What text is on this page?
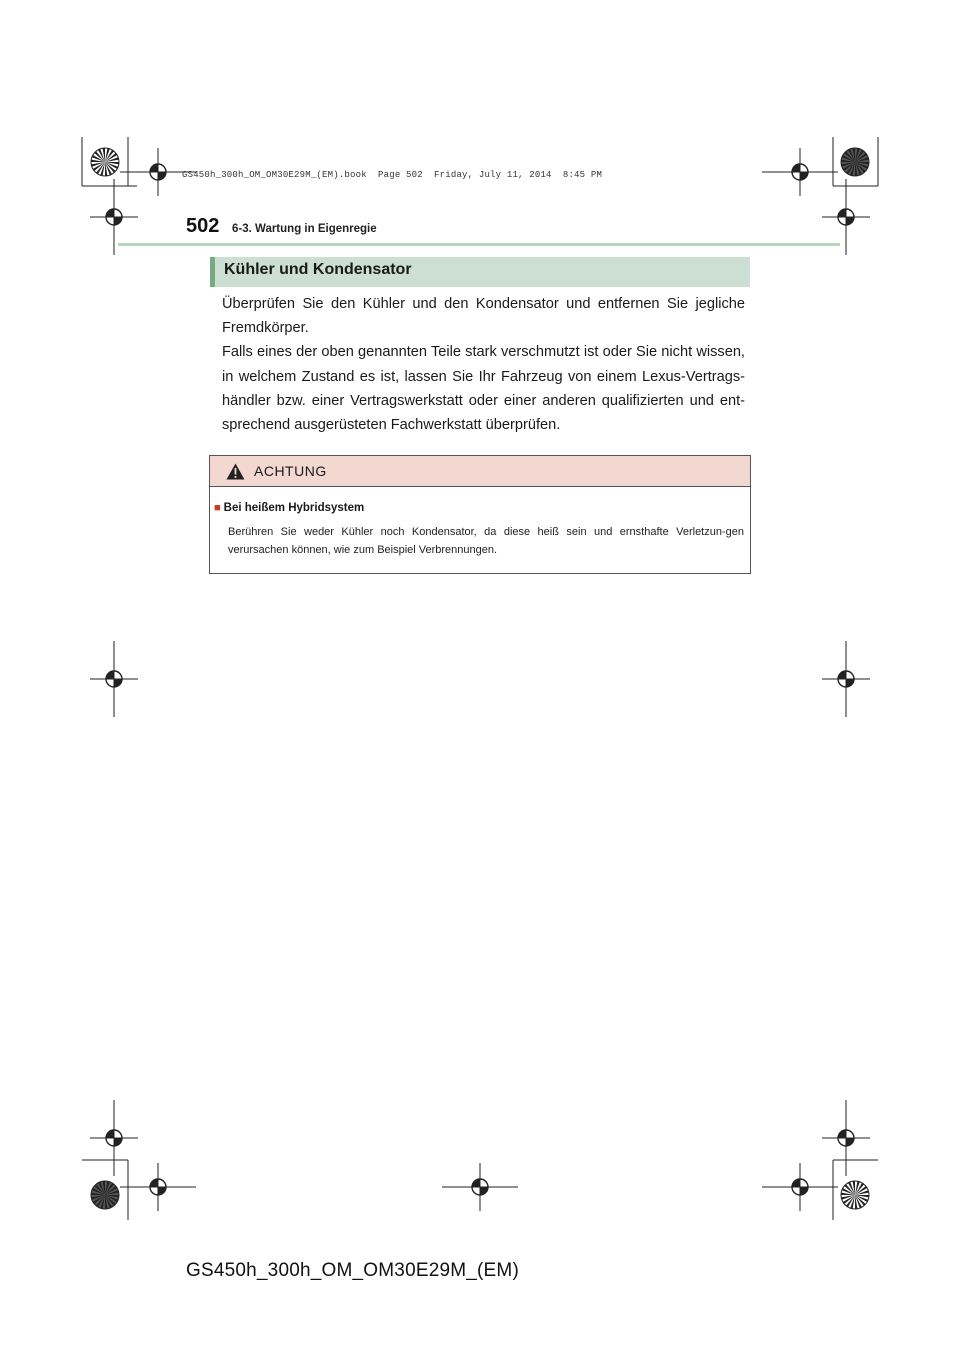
GS450h_300h_OM_OM30E29M_(EM).book  Page 502  Friday, July 11, 2014  8:45 PM
502 6-3. Wartung in Eigenregie
Kühler und Kondensator

Überprüfen Sie den Kühler und den Kondensator und entfernen Sie jegliche Fremdkörper.

Falls eines der oben genannten Teile stark verschmutzt ist oder Sie nicht wissen, in welchem Zustand es ist, lassen Sie Ihr Fahrzeug von einem Lexus-Vertrags-händler bzw. einer Vertragswerkstatt oder einer anderen qualifizierten und ent-sprechend ausgerüsteten Fachwerkstatt überprüfen.

ACHTUNG
■ Bei heißem Hybridsystem
Berühren Sie weder Kühler noch Kondensator, da diese heiß sein und ernsthafte Verletzun-gen verursachen können, wie zum Beispiel Verbrennungen.
GS450h_300h_OM_OM30E29M_(EM)
